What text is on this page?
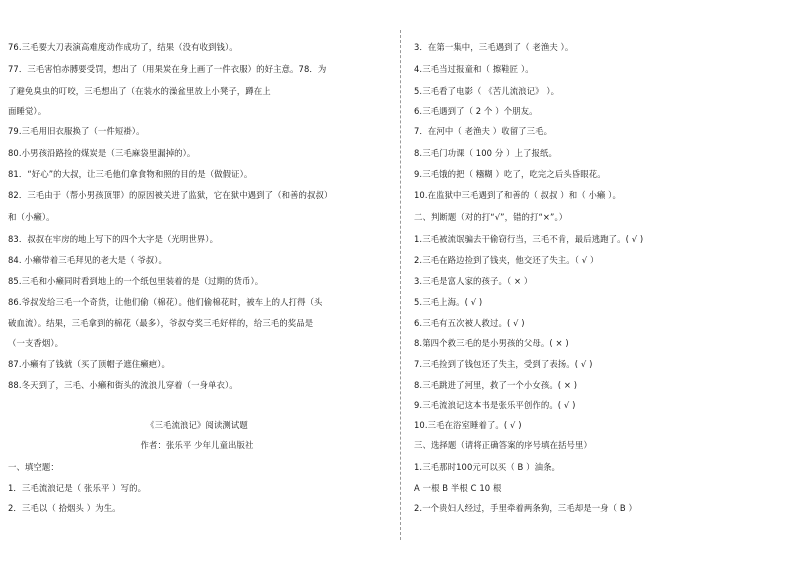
76.三毛要大刀表演高难度动作成功了，结果（没有收到钱）。
77．三毛害怕赤膊要受罚，想出了（用果炭在身上画了一件衣服）的好主意。78．为
了避免臭虫的叮咬，三毛想出了（在装水的澡盆里放上小凳子，蹲在上
面睡觉）。
79.三毛用旧衣服换了（一件短褂）。
80.小男孩沿路捡的煤炭是（三毛麻袋里漏掉的）。
81．“好心”的大叔，让三毛他们拿食物和照的目的是（做假证）。
82．三毛由于（帮小男孩顶罪）的原因被关进了监狱，它在狱中遇到了（和善的叔叔）
和（小癞）。
83．叔叔在牢房的地上写下的四个大字是（光明世界）。
84. 小癞带着三毛拜见的老大是（ 爷叔）。
85.三毛和小癞同时看到地上的一个纸包里装着的是（过期的货币）。
86.爷叔发给三毛一个奇货，让他们偷（棉花）。他们偷棉花时，被车上的人打得（头
破血流）。结果，三毛拿到的棉花（最多），爷叔夸奖三毛好样的，给三毛的奖品是
（一支香烟）。
87.小癞有了钱就（买了顶帽子遮住癞疤）。
88.冬天到了，三毛、小癞和街头的流浪儿穿着（一身单衣）。
《三毛流浪记》阅读测试题
作者：张乐平 少年儿童出版社
一、填空题：
1．三毛流浪记是（ 张乐平 ）写的。
2．三毛以（ 拾烟头 ）为生。
3．在第一集中，三毛遇到了（ 老渔夫 ）。
4.三毛当过报童和（ 擦鞋匠 ）。
5.三毛看了电影（ 《苦儿流浪记》 ）。
6.三毛遇到了（ 2 个 ）个朋友。
7．在河中（ 老渔夫 ）收留了三毛。
8.三毛门功课（ 100 分 ）上了报纸。
9.三毛饿的把（ 糨糊 ）吃了，吃完之后头昏眼花。
10.在监狱中三毛遇到了和善的（ 叔叔 ）和（ 小癞 ）。
二、判断题（对的打“√”，错的打“×”。）
1.三毛被流氓骗去干偷窃行当，三毛不肯，最后逃跑了。( √ )
2.三毛在路边捡到了钱夹，他交还了失主。（ √ ）
3.三毛是富人家的孩子。（ × ）
5.三毛上海。( √ )
6.三毛有五次被人救过。( √ )
8.第四个救三毛的是小男孩的父母。( × )
7.三毛捡到了钱包还了失主，受到了表扬。( √ )
8.三毛跳进了河里，救了一个小女孩。( × )
9.三毛流浪记这本书是张乐平创作的。( √ )
10.三毛在浴室睡着了。( √ )
三、选择题（请将正确答案的序号填在括号里）
1.三毛那时100元可以买（ B ）油条。
A 一根 B 半根 C 10 根
2.一个贵妇人经过，手里牵着两条狗，三毛却是一身（ B ）
